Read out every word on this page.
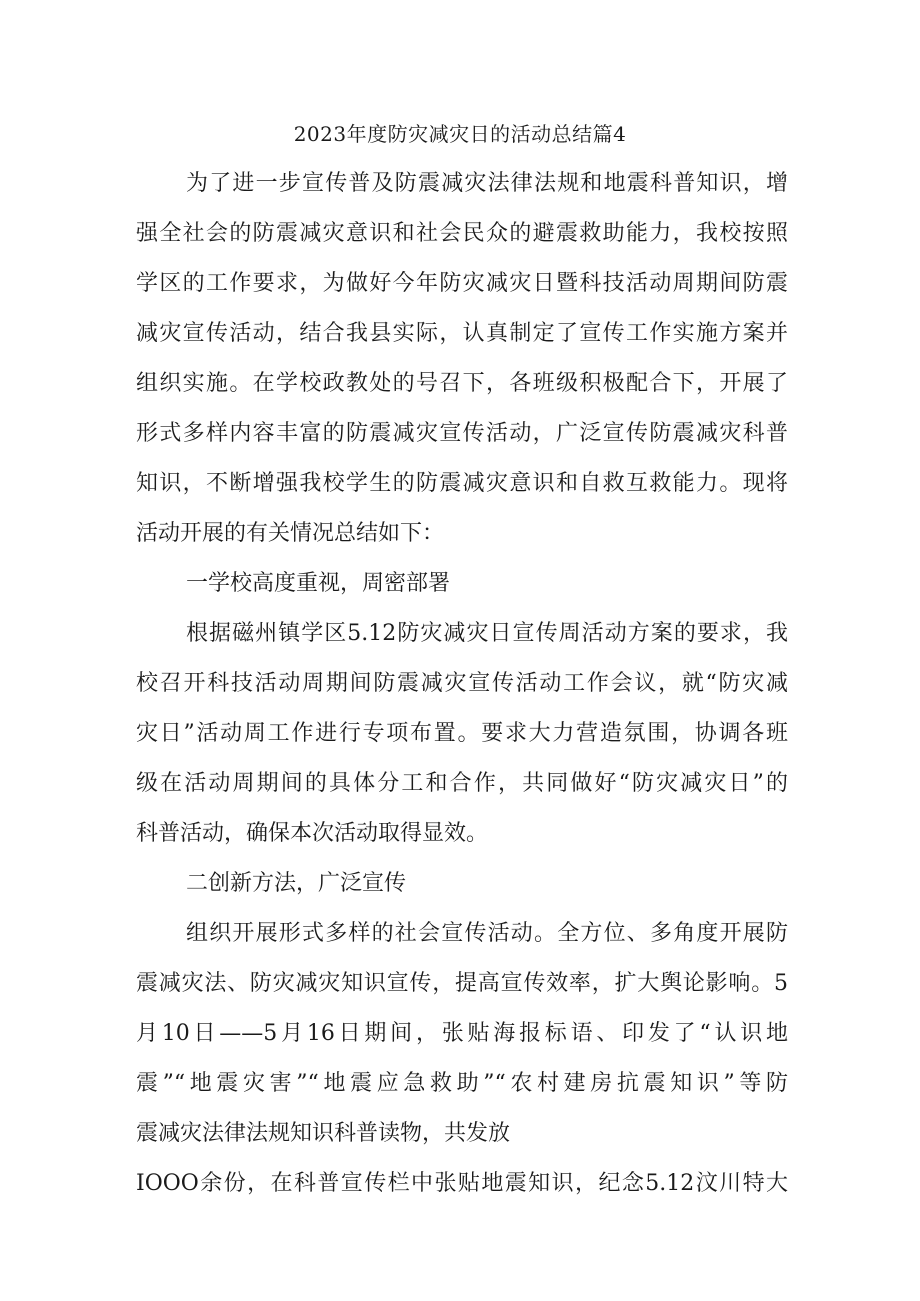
2023年度防灾减灾日的活动总结篇4
为了进一步宣传普及防震减灾法律法规和地震科普知识，增
强全社会的防震减灾意识和社会民众的避震救助能力，我校按照
学区的工作要求，为做好今年防灾减灾日暨科技活动周期间防震
减灾宣传活动，结合我县实际，认真制定了宣传工作实施方案并
组织实施。在学校政教处的号召下，各班级积极配合下，开展了
形式多样内容丰富的防震减灾宣传活动，广泛宣传防震减灾科普
知识，不断增强我校学生的防震减灾意识和自救互救能力。现将
活动开展的有关情况总结如下：
一学校高度重视，周密部署
根据磁州镇学区5.12防灾减灾日宣传周活动方案的要求，我
校召开科技活动周期间防震减灾宣传活动工作会议，就“防灾减
灾日”活动周工作进行专项布置。要求大力营造氛围，协调各班
级在活动周期间的具体分工和合作，共同做好“防灾减灾日”的
科普活动，确保本次活动取得显效。
二创新方法，广泛宣传
组织开展形式多样的社会宣传活动。全方位、多角度开展防
震减灾法、防灾减灾知识宣传，提高宣传效率，扩大舆论影响。5
月10日——5月16日期间，张贴海报标语、印发了“认识地
震”“地震灾害”“地震应急救助”“农村建房抗震知识”等防
震减灾法律法规知识科普读物，共发放
IOOO余份，在科普宣传栏中张贴地震知识，纪念5.12汶川特大
